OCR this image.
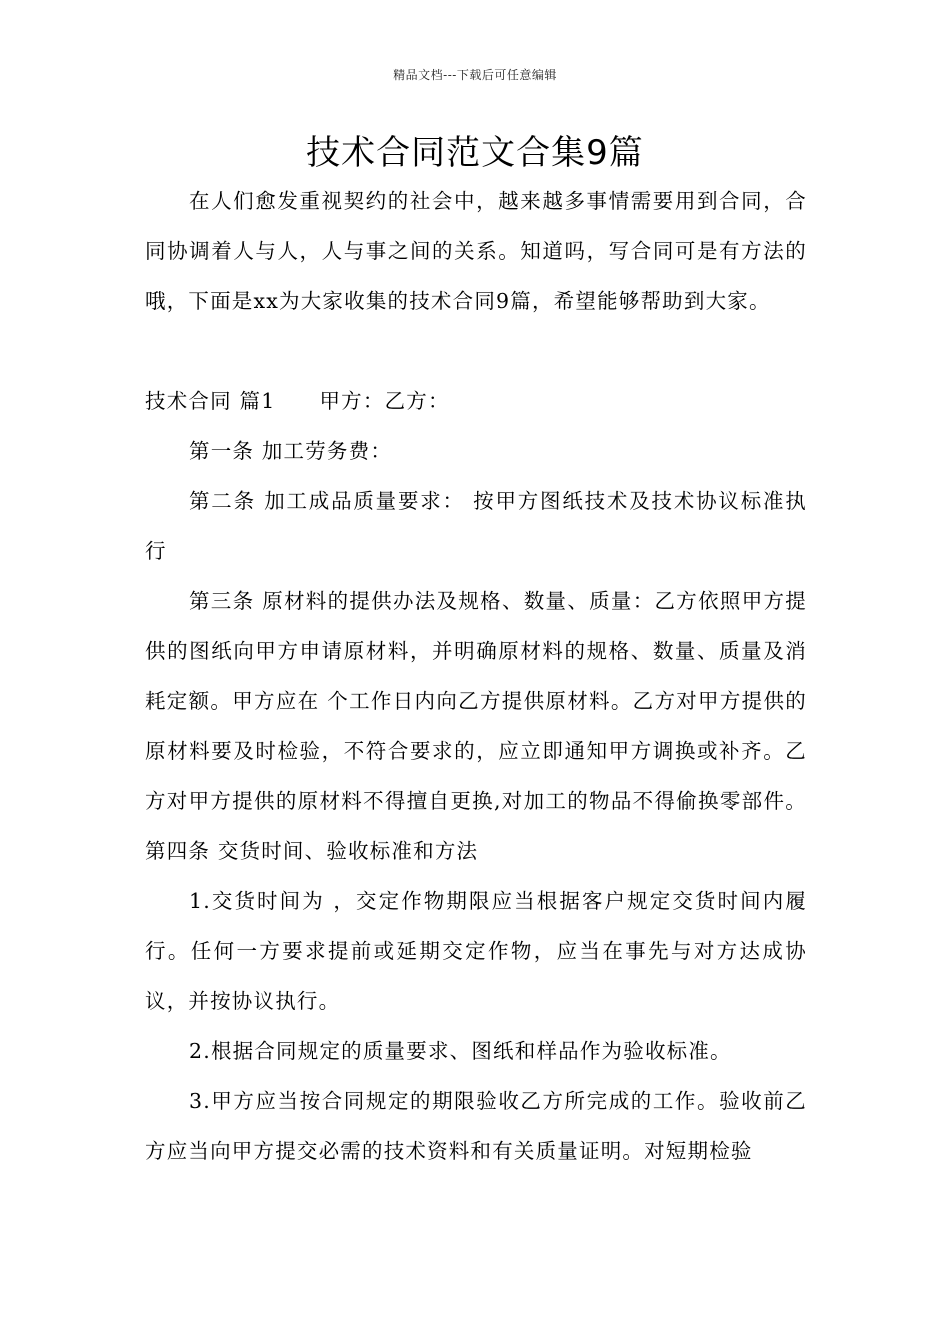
精品文档---下载后可任意编辑
技术合同范文合集9篇

在人们愈发重视契约的社会中，越来越多事情需要用到合同，合同协调着人与人，人与事之间的关系。知道吗，写合同可是有方法的哦，下面是xx为大家收集的技术合同9篇，希望能够帮助到大家。

技术合同 篇1 甲方：乙方：

第一条 加工劳务费：

第二条 加工成品质量要求： 按甲方图纸技术及技术协议标准执行

第三条 原材料的提供办法及规格、数量、质量：乙方依照甲方提供的图纸向甲方申请原材料，并明确原材料的规格、数量、质量及消耗定额。甲方应在 个工作日内向乙方提供原材料。乙方对甲方提供的原材料要及时检验，不符合要求的，应立即通知甲方调换或补齐。乙方对甲方提供的原材料不得擅自更换,对加工的物品不得偷换零部件。 第四条 交货时间、验收标准和方法

1.交货时间为 ，交定作物期限应当根据客户规定交货时间内履行。任何一方要求提前或延期交定作物，应当在事先与对方达成协议，并按协议执行。

2.根据合同规定的质量要求、图纸和样品作为验收标准。

3.甲方应当按合同规定的期限验收乙方所完成的工作。验收前乙方应当向甲方提交必需的技术资料和有关质量证明。对短期检验
